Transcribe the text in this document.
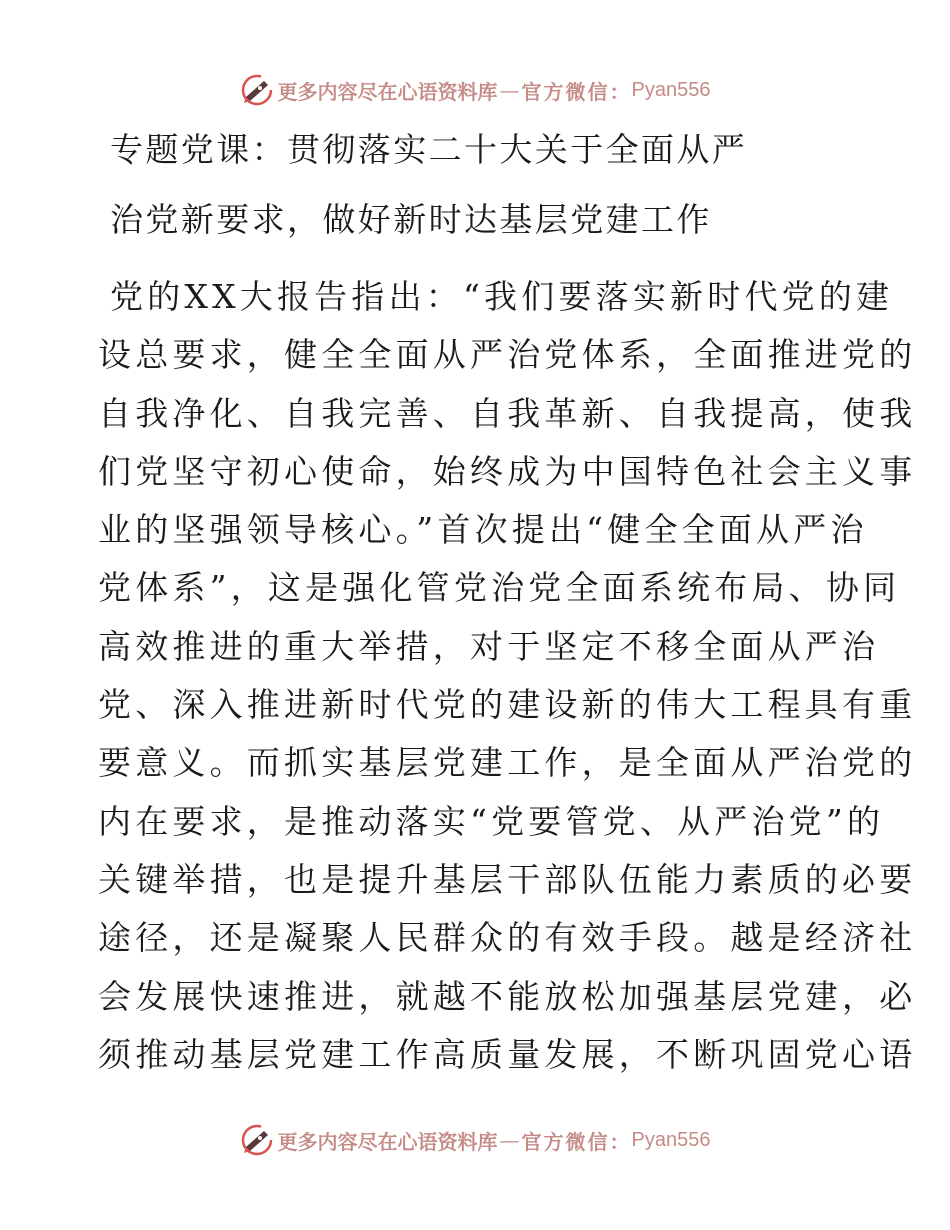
更多内容尽在心语资料库 — 官方微信： Pyan556
专题党课：贯彻落实二十大关于全面从严
治党新要求，做好新时达基层党建工作
党的XX大报告指出：“我们要落实新时代党的建
设总要求，健全全面从严治党体系，全面推进党的
自我净化、自我完善、自我革新、自我提高，使我
们党坚守初心使命，始终成为中国特色社会主义事
业的坚强领导核心。”首次提出“健全全面从严治
党体系”，这是强化管党治党全面系统布局、协同
高效推进的重大举措，对于坚定不移全面从严治
党、深入推进新时代党的建设新的伟大工程具有重
要意义。而抓实基层党建工作，是全面从严治党的
内在要求，是推动落实“党要管党、从严治党”的
关键举措，也是提升基层干部队伍能力素质的必要
途径，还是凝聚人民群众的有效手段。越是经济社
会发展快速推进，就越不能放松加强基层党建，必
须推动基层党建工作高质量发展，不断巩固党心语
更多内容尽在心语资料库 — 官方微信： Pyan556
